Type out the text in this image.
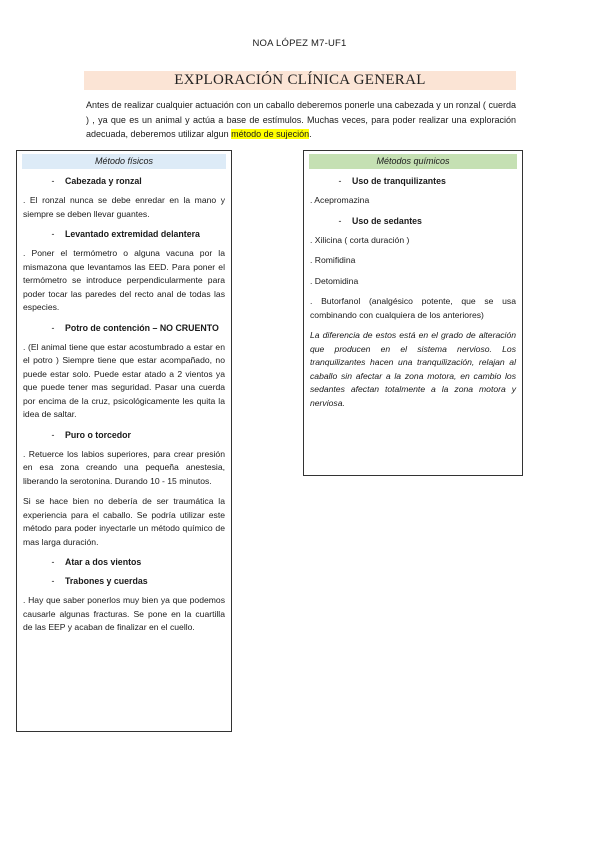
NOA LÓPEZ M7-UF1
EXPLORACIÓN CLÍNICA GENERAL
Antes de realizar cualquier actuación con un caballo deberemos ponerle una cabezada y un ronzal ( cuerda ) , ya que es un animal y actúa a base de estímulos. Muchas veces, para poder realizar una exploración adecuada, deberemos utilizar algun método de sujeción.
Método físicos
-	Cabezada y ronzal
. El ronzal nunca se debe enredar en la mano y siempre se deben llevar guantes.
-	Levantado extremidad delantera
. Poner el termómetro o alguna vacuna por la mismazona que levantamos las EED. Para poner el termómetro se introduce perpendicularmente para poder tocar las paredes del recto anal de todas las especies.
-	Potro de contención – NO CRUENTO
. (El animal tiene que estar acostumbrado a estar en el potro ) Siempre tiene que estar acompañado, no puede estar solo. Puede estar atado a 2 vientos ya que puede tener mas seguridad. Pasar una cuerda por encima de la cruz, psicológicamente les quita la idea de saltar.
-	Puro o torcedor
. Retuerce los labios superiores, para crear presión en esa zona creando una pequeña anestesia, liberando la serotonina. Durando 10 - 15 minutos.
Si se hace bien no debería de ser traumática la experiencia para el caballo. Se podría utilizar este método para poder inyectarle un método químico de mas larga duración.
-	Atar a dos vientos
-	Trabones y cuerdas
. Hay que saber ponerlos muy bien ya que podemos causarle algunas fracturas. Se pone en la cuartilla de las EEP y acaban de finalizar en el cuello.
Métodos químicos
-	Uso de tranquilizantes
. Acepromazina
-	Uso de sedantes
. Xilicina ( corta duración )
. Romifidina
. Detomidina
. Butorfanol (analgésico potente, que se usa combinando con cualquiera de los anteriores)
La diferencia de estos está en el grado de alteración que producen en el sistema nervioso. Los tranquilizantes hacen una tranquilización, relajan al caballo sin afectar a la zona motora, en cambio los sedantes afectan totalmente a la zona motora y nerviosa.
